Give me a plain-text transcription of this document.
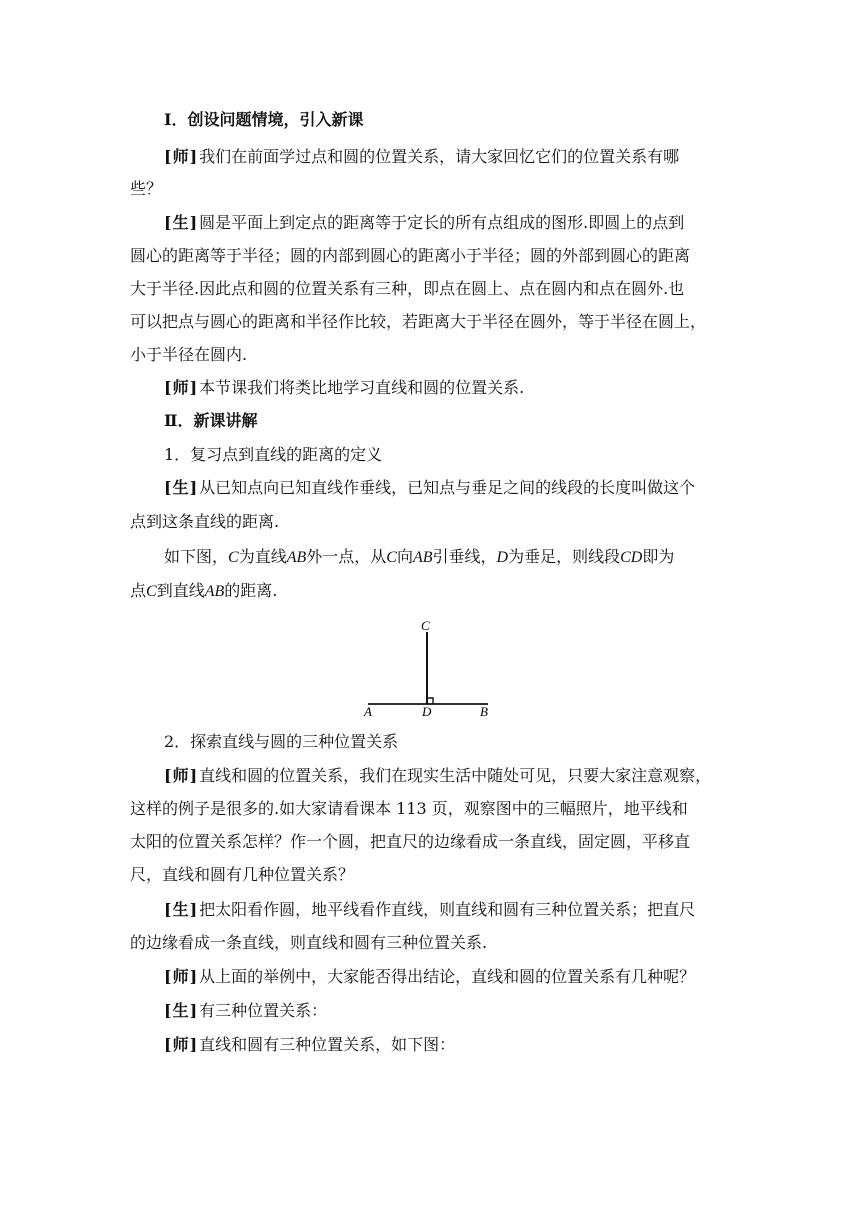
Ⅰ．创设问题情境，引入新课
[师]我们在前面学过点和圆的位置关系，请大家回忆它们的位置关系有哪
些？
[生]圆是平面上到定点的距离等于定长的所有点组成的图形.即圆上的点到
圆心的距离等于半径；圆的内部到圆心的距离小于半径；圆的外部到圆心的距离
大于半径.因此点和圆的位置关系有三种，即点在圆上、点在圆内和点在圆外.也
可以把点与圆心的距离和半径作比较，若距离大于半径在圆外，等于半径在圆上，
小于半径在圆内.
[师]本节课我们将类比地学习直线和圆的位置关系.
Ⅱ．新课讲解
1．复习点到直线的距离的定义
[生]从已知点向已知直线作垂线，已知点与垂足之间的线段的长度叫做这个
点到这条直线的距离.
如下图，C为直线AB外一点，从C向AB引垂线，D为垂足，则线段CD即为
点C到直线AB的距离.
C
A	D	B
2．探索直线与圆的三种位置关系
[师]直线和圆的位置关系，我们在现实生活中随处可见，只要大家注意观察，
这样的例子是很多的.如大家请看课本 113 页，观察图中的三幅照片，地平线和
太阳的位置关系怎样？作一个圆，把直尺的边缘看成一条直线，固定圆，平移直
尺，直线和圆有几种位置关系？
[生]把太阳看作圆，地平线看作直线，则直线和圆有三种位置关系；把直尺
的边缘看成一条直线，则直线和圆有三种位置关系.
[师]从上面的举例中，大家能否得出结论，直线和圆的位置关系有几种呢？
[生]有三种位置关系：
[师]直线和圆有三种位置关系，如下图：
